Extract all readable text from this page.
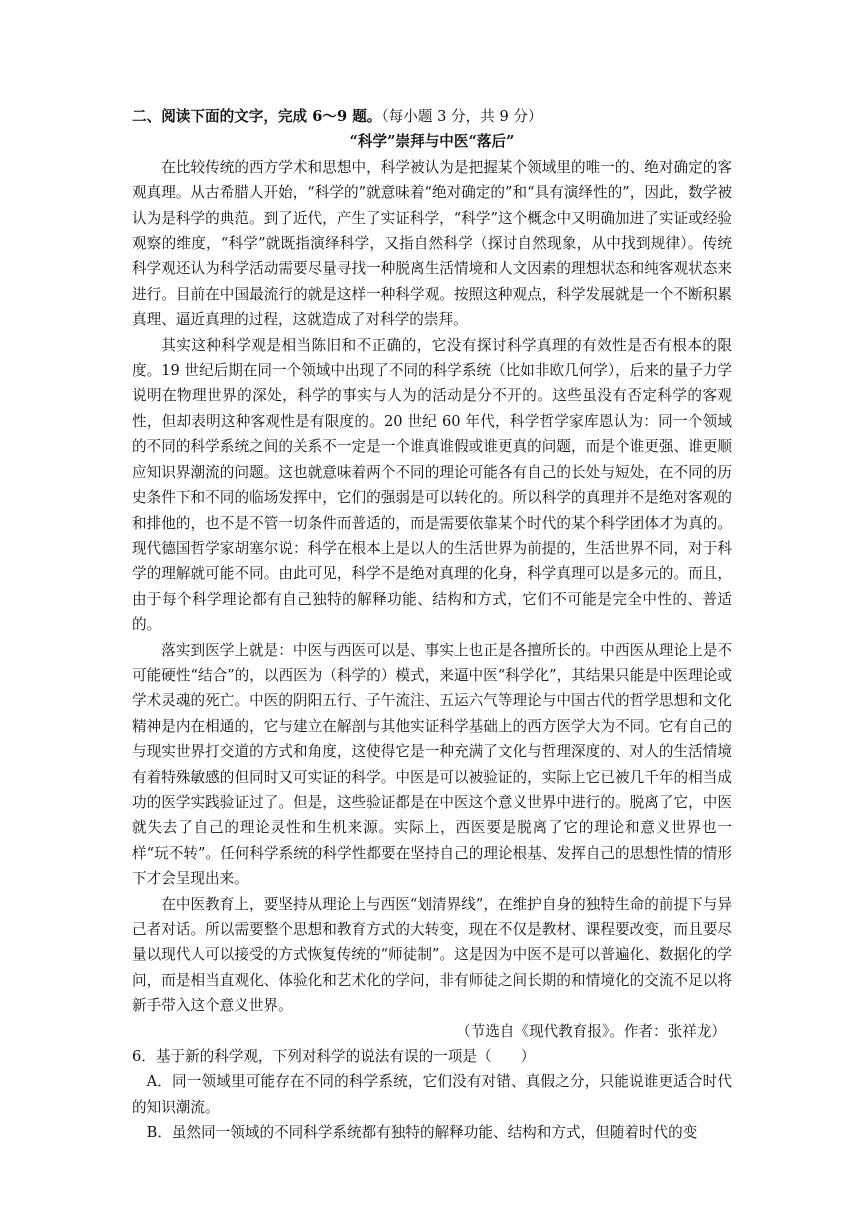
二、阅读下面的文字，完成 6～9 题。（每小题 3 分，共 9 分）

“科学”崇拜与中医“落后”

在比较传统的西方学术和思想中，科学被认为是把握某个领域里的唯一的、绝对确定的客观真理。从古希腊人开始，“科学的”就意味着“绝对确定的”和“具有演绎性的”，因此，数学被认为是科学的典范。到了近代，产生了实证科学，“科学”这个概念中又明确加进了实证或经验观察的维度，“科学”就既指演绎科学，又指自然科学（探讨自然现象，从中找到规律）。传统科学观还认为科学活动需要尽量寻找一种脱离生活情境和人文因素的理想状态和纯客观状态来进行。目前在中国最流行的就是这样一种科学观。按照这种观点，科学发展就是一个不断积累真理、逼近真理的过程，这就造成了对科学的崇拜。

其实这种科学观是相当陈旧和不正确的，它没有探讨科学真理的有效性是否有根本的限度。19 世纪后期在同一个领域中出现了不同的科学系统（比如非欧几何学），后来的量子力学说明在物理世界的深处，科学的事实与人为的活动是分不开的。这些虽没有否定科学的客观性，但却表明这种客观性是有限度的。20 世纪 60 年代，科学哲学家库恩认为：同一个领域的不同的科学系统之间的关系不一定是一个谁真谁假或谁更真的问题，而是个谁更强、谁更顺应知识界潮流的问题。这也就意味着两个不同的理论可能各有自己的长处与短处，在不同的历史条件下和不同的临场发挥中，它们的强弱是可以转化的。所以科学的真理并不是绝对客观的和排他的，也不是不管一切条件而普适的，而是需要依靠某个时代的某个科学团体才为真的。现代德国哲学家胡塞尔说：科学在根本上是以人的生活世界为前提的，生活世界不同，对于科学的理解就可能不同。由此可见，科学不是绝对真理的化身，科学真理可以是多元的。而且，由于每个科学理论都有自己独特的解释功能、结构和方式，它们不可能是完全中性的、普适的。

落实到医学上就是：中医与西医可以是、事实上也正是各擅所长的。中西医从理论上是不可能硬性“结合”的，以西医为（科学的）模式，来逼中医“科学化”，其结果只能是中医理论或学术灵魂的死亡。中医的阴阳五行、子午流注、五运六气等理论与中国古代的哲学思想和文化精神是内在相通的，它与建立在解剖与其他实证科学基础上的西方医学大为不同。它有自己的与现实世界打交道的方式和角度，这使得它是一种充满了文化与哲理深度的、对人的生活情境有着特殊敏感的但同时又可实证的科学。中医是可以被验证的，实际上它已被几千年的相当成功的医学实践验证过了。但是，这些验证都是在中医这个意义世界中进行的。脱离了它，中医就失去了自己的理论灵性和生机来源。实际上，西医要是脱离了它的理论和意义世界也一样“玩不转”。任何科学系统的科学性都要在坚持自己的理论根基、发挥自己的思想性情的情形下才会呈现出来。

在中医教育上，要坚持从理论上与西医“划清界线”，在维护自身的独特生命的前提下与异己者对话。所以需要整个思想和教育方式的大转变，现在不仅是教材、课程要改变，而且要尽量以现代人可以接受的方式恢复传统的“师徒制”。这是因为中医不是可以普遍化、数据化的学问，而是相当直观化、体验化和艺术化的学问，非有师徒之间长期的和情境化的交流不足以将新手带入这个意义世界。

（节选自《现代教育报》。作者：张祥龙）

6．基于新的科学观，下列对科学的说法有误的一项是（　　）

A．同一领域里可能存在不同的科学系统，它们没有对错、真假之分，只能说谁更适合时代的知识潮流。

B．虽然同一领域的不同科学系统都有独特的解释功能、结构和方式，但随着时代的变
